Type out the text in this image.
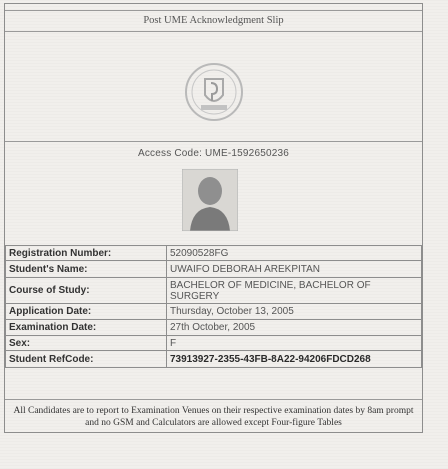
Post UME Acknowledgment Slip
Access Code: UME-1592650236
Registration Number:	52090528FG
Student's Name:	UWAIFO DEBORAH AREKPITAN
Course of Study:	BACHELOR OF MEDICINE, BACHELOR OF SURGERY
Application Date:	Thursday, October 13, 2005
Examination Date:	27th October, 2005
Sex:	F
Student RefCode:	73913927-2355-43FB-8A22-94206FDCD268
All Candidates are to report to Examination Venues on their respective examination dates by 8am prompt and no GSM and Calculators are allowed except Four-figure Tables
